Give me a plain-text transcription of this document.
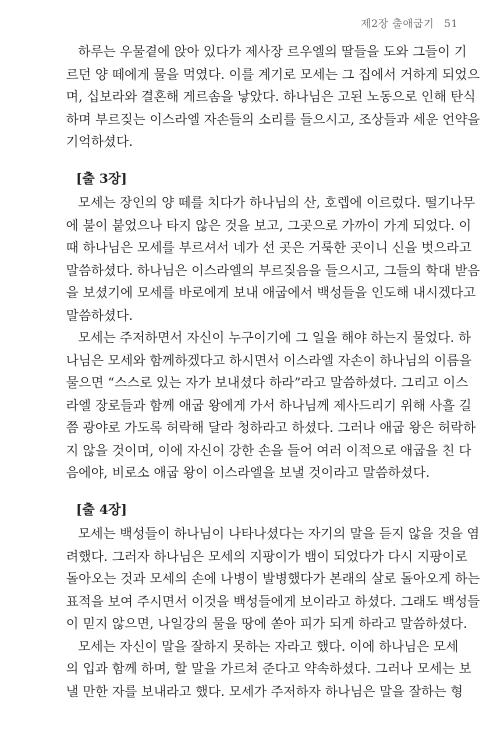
제2장 출애굽기 51
하루는 우물곁에 앉아 있다가 제사장 르우엘의 딸들을 도와 그들이 기
르던 양 떼에게 물을 먹였다. 이를 계기로 모세는 그 집에서 거하게 되었으
며, 십보라와 결혼해 게르솜을 낳았다. 하나님은 고된 노동으로 인해 탄식
하며 부르짖는 이스라엘 자손들의 소리를 들으시고, 조상들과 세운 언약을
기억하셨다.
[출 3장]
모세는 장인의 양 떼를 치다가 하나님의 산, 호렙에 이르렀다. 떨기나무
에 불이 붙었으나 타지 않은 것을 보고, 그곳으로 가까이 가게 되었다. 이
때 하나님은 모세를 부르셔서 네가 선 곳은 거룩한 곳이니 신을 벗으라고
말씀하셨다. 하나님은 이스라엘의 부르짖음을 들으시고, 그들의 학대 받음
을 보셨기에 모세를 바로에게 보내 애굽에서 백성들을 인도해 내시겠다고
말씀하셨다.
모세는 주저하면서 자신이 누구이기에 그 일을 해야 하는지 물었다. 하
나님은 모세와 함께하겠다고 하시면서 이스라엘 자손이 하나님의 이름을
물으면 “스스로 있는 자가 보내셨다 하라”라고 말씀하셨다. 그리고 이스
라엘 장로들과 함께 애굽 왕에게 가서 하나님께 제사드리기 위해 사흘 길
쯤 광야로 가도록 허락해 달라 청하라고 하셨다. 그러나 애굽 왕은 허락하
지 않을 것이며, 이에 자신이 강한 손을 들어 여러 이적으로 애굽을 친 다
음에야, 비로소 애굽 왕이 이스라엘을 보낼 것이라고 말씀하셨다.
[출 4장]
모세는 백성들이 하나님이 나타나셨다는 자기의 말을 듣지 않을 것을 염
려했다. 그러자 하나님은 모세의 지팡이가 뱀이 되었다가 다시 지팡이로
돌아오는 것과 모세의 손에 나병이 발병했다가 본래의 살로 돌아오게 하는
표적을 보여 주시면서 이것을 백성들에게 보이라고 하셨다. 그래도 백성들
이 믿지 않으면, 나일강의 물을 땅에 쏟아 피가 되게 하라고 말씀하셨다.
모세는 자신이 말을 잘하지 못하는 자라고 했다. 이에 하나님은 모세
의 입과 함께 하며, 할 말을 가르쳐 준다고 약속하셨다. 그러나 모세는 보
낼 만한 자를 보내라고 했다. 모세가 주저하자 하나님은 말을 잘하는 형
